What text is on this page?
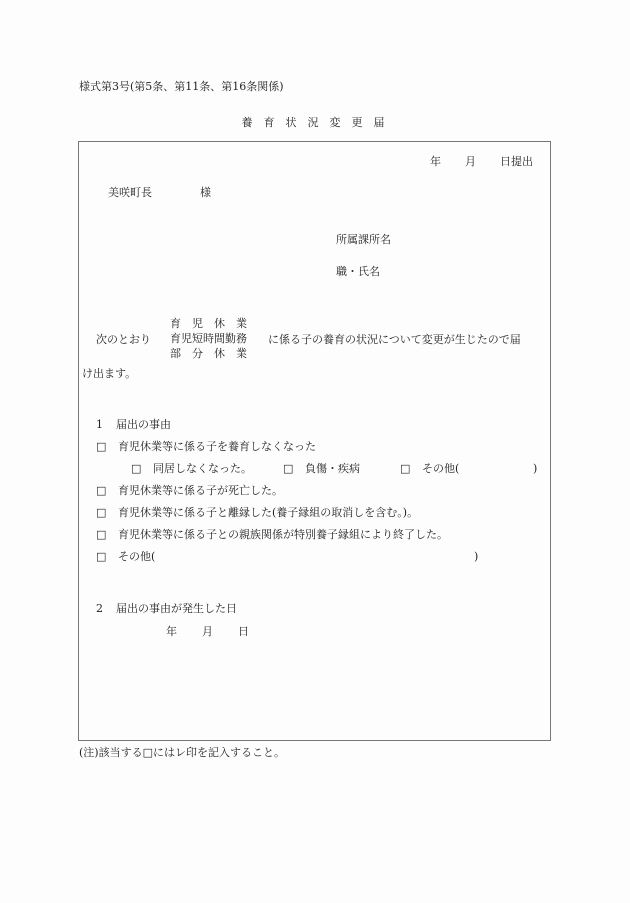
様式第3号(第5条、第11条、第16条関係)
養 育 状 況 変 更 届
年 月 日提出
美咲町長	様
所属課所名
職・氏名
次のとおり
育 児 休 業
育児短時間勤務
部 分 休 業
に係る子の養育の状況について変更が生じたので届
け出ます。
1 届出の事由
□ 育児休業等に係る子を養育しなくなった
□ 同居しなくなった。	□ 負傷・疾病	□ その他(	)
□ 育児休業等に係る子が死亡した。
□ 育児休業等に係る子と離縁した(養子縁組の取消しを含む。)。
□ 育児休業等に係る子との親族関係が特別養子縁組により終了した。
□ その他(	)
2 届出の事由が発生した日
年 月 日
(注)該当する□にはレ印を記入すること。
